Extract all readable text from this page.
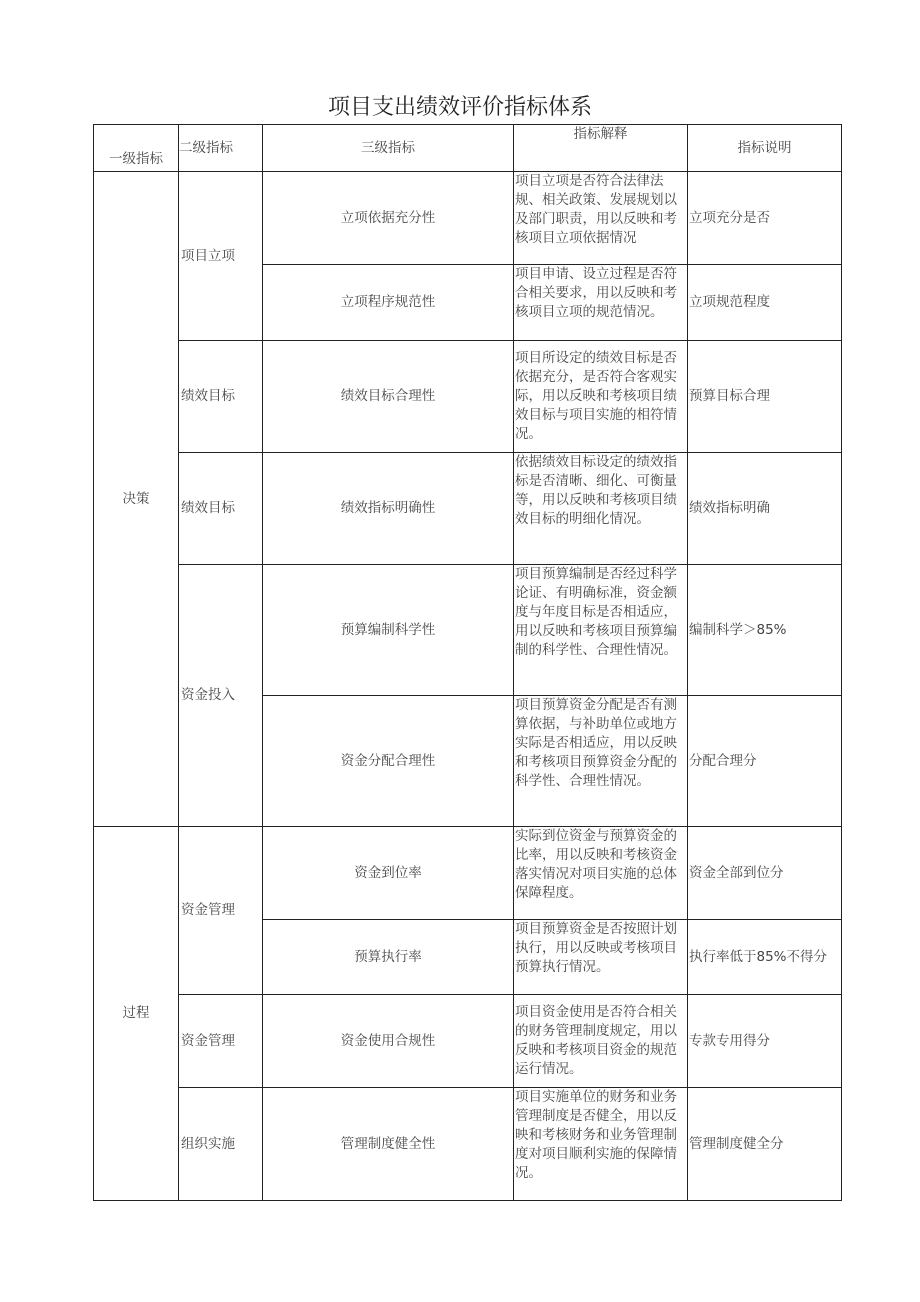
项目支出绩效评价指标体系
一级指标	二级指标	三级指标	指标解释	指标说明
决策	项目立项	立项依据充分性	项目立项是否符合法律法规、相关政策、发展规划以及部门职责，用以反映和考核项目立项依据情况	立项充分是否
		立项程序规范性	项目申请、设立过程是否符合相关要求，用以反映和考核项目立项的规范情况。	立项规范程度
	绩效目标	绩效目标合理性	项目所设定的绩效目标是否依据充分，是否符合客观实际，用以反映和考核项目绩效目标与项目实施的相符情况。	预算目标合理
	绩效目标	绩效指标明确性	依据绩效目标设定的绩效指标是否清晰、细化、可衡量等，用以反映和考核项目绩效目标的明细化情况。	绩效指标明确
	资金投入	预算编制科学性	项目预算编制是否经过科学论证、有明确标准，资金额度与年度目标是否相适应，用以反映和考核项目预算编制的科学性、合理性情况。	编制科学＞85%
		资金分配合理性	项目预算资金分配是否有测算依据，与补助单位或地方实际是否相适应，用以反映和考核项目预算资金分配的科学性、合理性情况。	分配合理分
过程	资金管理	资金到位率	实际到位资金与预算资金的比率，用以反映和考核资金落实情况对项目实施的总体保障程度。	资金全部到位分
		预算执行率	项目预算资金是否按照计划执行，用以反映或考核项目预算执行情况。	执行率低于85%不得分
	资金管理	资金使用合规性	项目资金使用是否符合相关的财务管理制度规定，用以反映和考核项目资金的规范运行情况。	专款专用得分
	组织实施	管理制度健全性	项目实施单位的财务和业务管理制度是否健全，用以反映和考核财务和业务管理制度对项目顺利实施的保障情况。	管理制度健全分
